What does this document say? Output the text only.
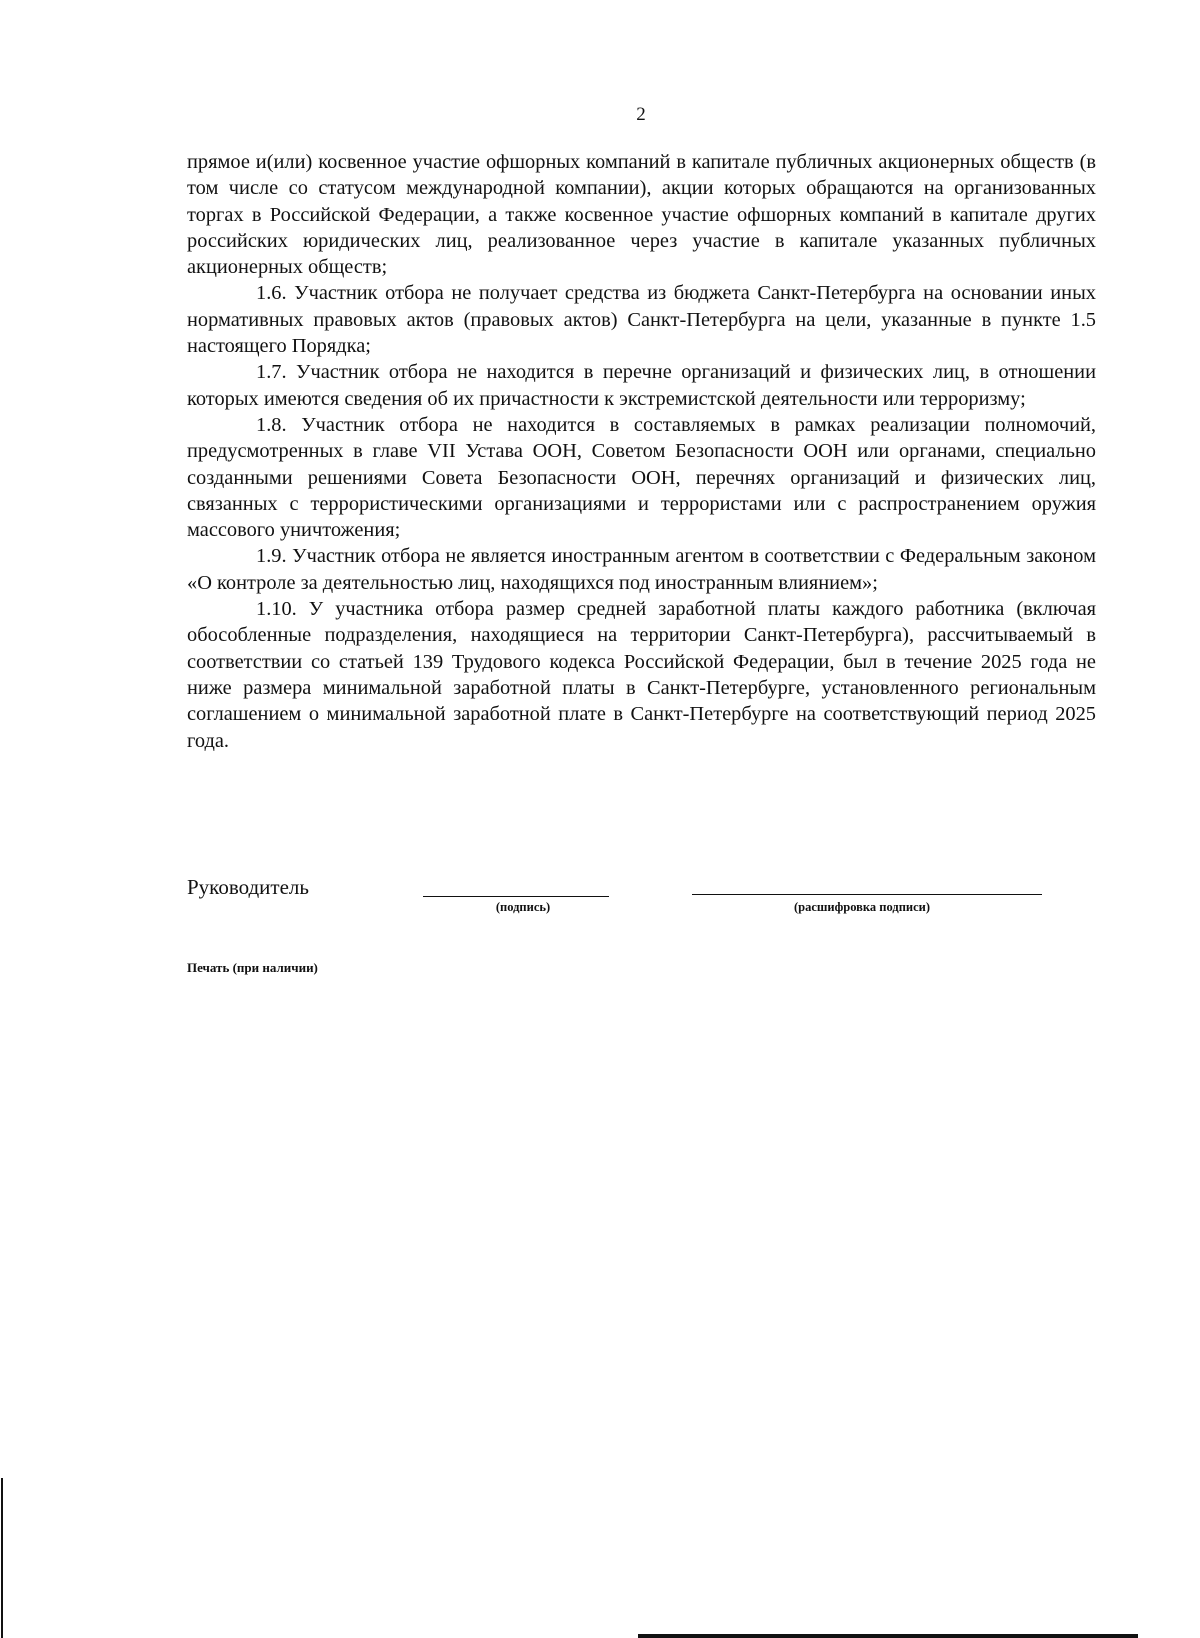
2

прямое и(или) косвенное участие офшорных компаний в капитале публичных акционерных обществ (в том числе со статусом международной компании), акции которых обращаются на организованных торгах в Российской Федерации, а также косвенное участие офшорных компаний в капитале других российских юридических лиц, реализованное через участие в капитале указанных публичных акционерных обществ;

1.6. Участник отбора не получает средства из бюджета Санкт-Петербурга на основании иных нормативных правовых актов (правовых актов) Санкт-Петербурга на цели, указанные в пункте 1.5 настоящего Порядка;

1.7. Участник отбора не находится в перечне организаций и физических лиц, в отношении которых имеются сведения об их причастности к экстремистской деятельности или терроризму;

1.8. Участник отбора не находится в составляемых в рамках реализации полномочий, предусмотренных в главе VII Устава ООН, Советом Безопасности ООН или органами, специально созданными решениями Совета Безопасности ООН, перечнях организаций и физических лиц, связанных с террористическими организациями и террористами или с распространением оружия массового уничтожения;

1.9. Участник отбора не является иностранным агентом в соответствии с Федеральным законом «О контроле за деятельностью лиц, находящихся под иностранным влиянием»;

1.10. У участника отбора размер средней заработной платы каждого работника (включая обособленные подразделения, находящиеся на территории Санкт-Петербурга), рассчитываемый в соответствии со статьей 139 Трудового кодекса Российской Федерации, был в течение 2025 года не ниже размера минимальной заработной платы в Санкт-Петербурге, установленного региональным соглашением о минимальной заработной плате в Санкт-Петербурге на соответствующий период 2025 года.

Руководитель
(подпись)	(расшифровка подписи)
Печать (при наличии)
